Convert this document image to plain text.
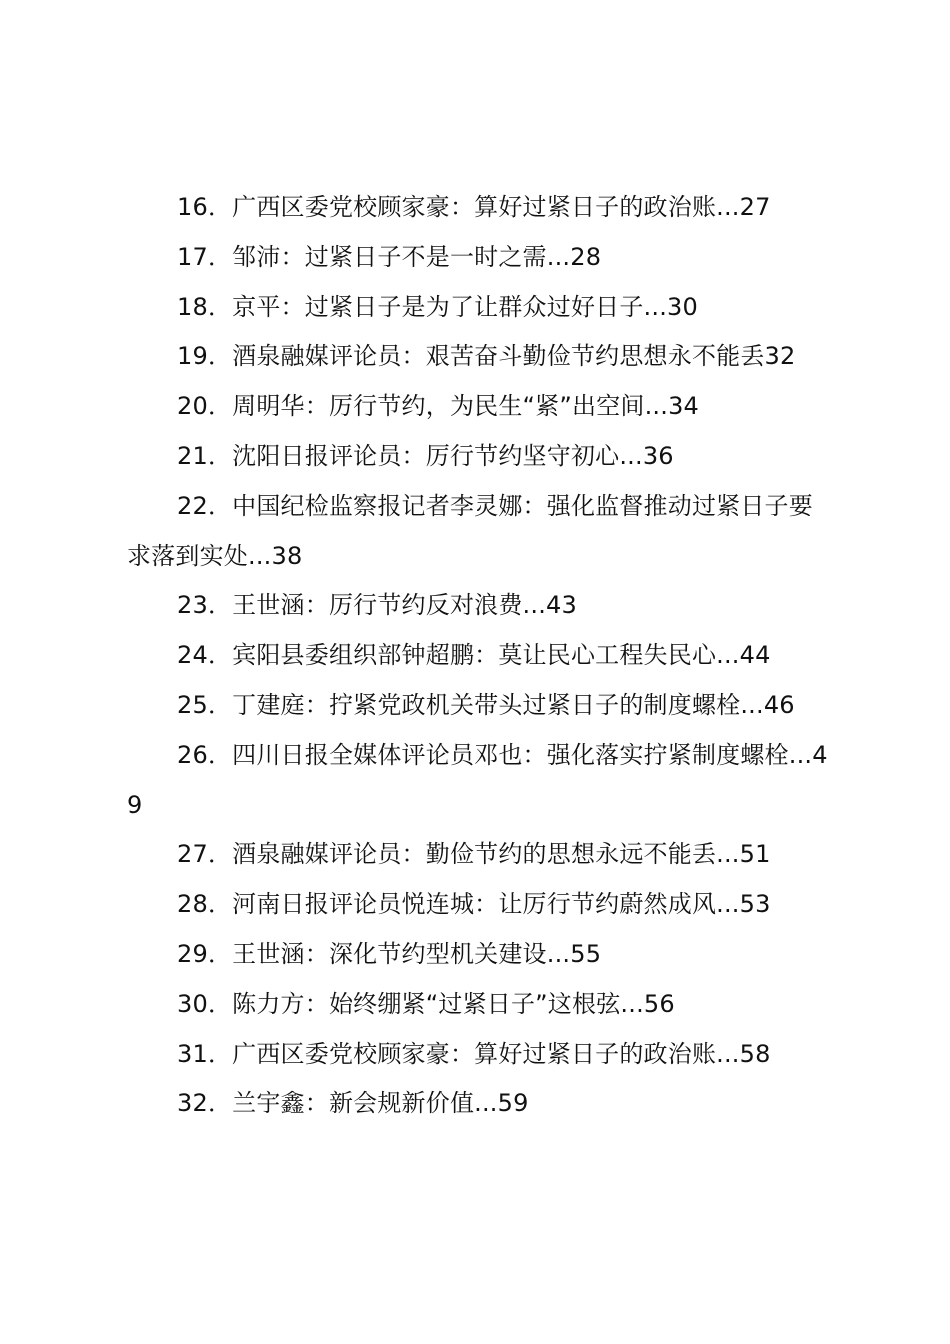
16．广西区委党校顾家豪：算好过紧日子的政治账...27

17．邹沛：过紧日子不是一时之需...28

18．京平：过紧日子是为了让群众过好日子...30

19．酒泉融媒评论员：艰苦奋斗勤俭节约思想永不能丢32

20．周明华：厉行节约，为民生“紧”出空间...34

21．沈阳日报评论员：厉行节约坚守初心...36

22．中国纪检监察报记者李灵娜：强化监督推动过紧日子要求落到实处...38

23．王世涵：厉行节约反对浪费...43

24．宾阳县委组织部钟超鹏：莫让民心工程失民心...44

25．丁建庭：拧紧党政机关带头过紧日子的制度螺栓...46

26．四川日报全媒体评论员邓也：强化落实拧紧制度螺栓...49

27．酒泉融媒评论员：勤俭节约的思想永远不能丢...51

28．河南日报评论员悦连城：让厉行节约蔚然成风...53

29．王世涵：深化节约型机关建设...55

30．陈力方：始终绷紧“过紧日子”这根弦...56

31．广西区委党校顾家豪：算好过紧日子的政治账...58

32．兰宇鑫：新会规新价值...59
